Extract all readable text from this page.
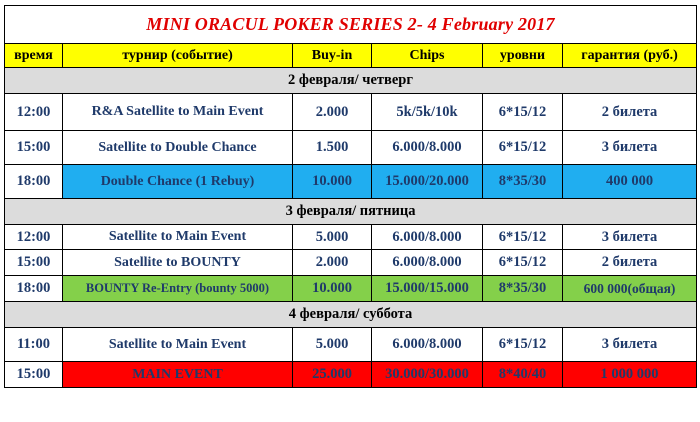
MINI ORACUL POKER SERIES 2- 4 February 2017					
время	турнир (событие)	Buy-in	Chips	уровни	гарантия (руб.)
2 февраля/ четверг					
12:00	R&A Satellite to Main Event	2.000	5k/5k/10k	6*15/12	2 билета
15:00	Satellite to Double Chance	1.500	6.000/8.000	6*15/12	3 билета
18:00	Double Chance (1 Rebuy)	10.000	15.000/20.000	8*35/30	400 000
3 февраля/ пятница					
12:00	Satellite to Main Event	5.000	6.000/8.000	6*15/12	3 билета
15:00	Satellite to BOUNTY	2.000	6.000/8.000	6*15/12	2 билета
18:00	BOUNTY Re-Entry (bounty 5000)	10.000	15.000/15.000	8*35/30	600 000(общая)
4 февраля/ суббота					
11:00	Satellite to Main Event	5.000	6.000/8.000	6*15/12	3 билета
15:00	MAIN EVENT	25.000	30.000/30.000	8*40/40	1 000 000
